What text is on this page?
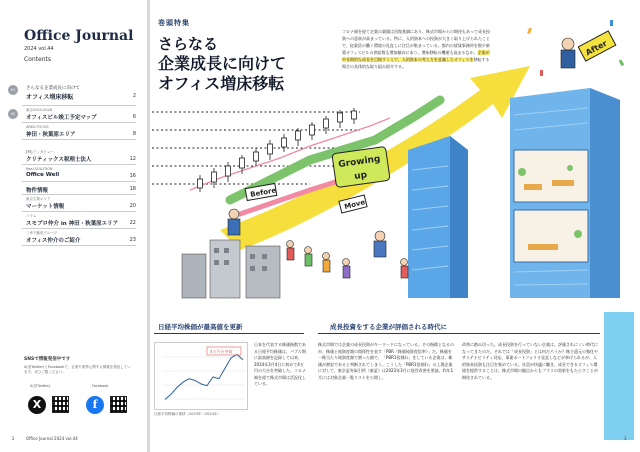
Office Journal
2024 vol.44
Contents
01	さらなる企業成長に向けて
オフィス増床移転	2
02
東京2024-2026
オフィスビル竣工予定マップ	6
AREA FOCUS
神田・秋葉原エリア	8
移転インタビュー
クリティックス税理士法人	12
Real SOLUTION
Office Well	16
物件情報	18
東京主要エリア
マーケット情報	20
コラム
スモプロ仲介 in 神田・秋葉原エリア 22
三幸不動産グループ
オフィス仲介のご紹介	23
SNSで情報発信中です
X(旧Twitter)とFacebookで、企業や業界に関する情報を発信しています。ぜひご覧ください。
X(旧Twitter)	Facebook
X	f
2	Office Journal 2024 vol.44
Before
Growing
up
Move
After
巻頭特集
さらなる
企業成長に向けて
オフィス増床移転
コロナ禍を経て企業の業績は回復基調にあり、株式市場からの期待もあって成長投資への意欲が高まっている。特に、人的資本への投資が大きく取り上げられたことで、従業員の働く環境の見直しに注目が集まっている。都内の賃貸事務所を数や新築オフィスビルの供給数も増加傾向にあり、増床移転の機運も高まるなか、企業が中長期的な成長を目指すうえで、人的資本の考え方を意識したオフィスを移転する場合の具体的な取り組み紹介する。
日経平均株価が最高値を更新
4万円台突破
日経平均株価の推移（2023年〜2024年）
日本を代表する株価指数である日経平均株価は、バブル期に最高値を記録して以来、2024年3月4日に初めて4万円の大台を突破した。コロナ禍を経て株式市場は活況化している。
成長投資をする企業が評価される時代に
株式市場では企業の成長投資がキーワードになっている。その指標となるのが、株価と純資産額の関係性を表す「PBR（株価純資産倍率）」だ。株価を一株当たり純資産額で割った値で、「PBR1倍割れ」をしている企業は、株価が割安であると判断されてしまう。こうした「PBR1倍割れ」の上場企業に対して、東京証券取引所（東証）は2023年3月に経営改善を要請。昨年1月には対象企業一覧リストを公開し、
改革に踏み切った。成長投資を行っていない企業は、評価されにくい時代になってきたのだ。それでは「成長投資」とは何だろうか？株主還元の強化やサステナビリティ対応、事業ポートフォリオ見直しなどが挙げられるが、人的資本投資も注目を集めている。社員が快適に働き、成長できるオフィス環境を提供することは、株式市場の観点からもプラスの効果をもたらすことが期待されている。
3
